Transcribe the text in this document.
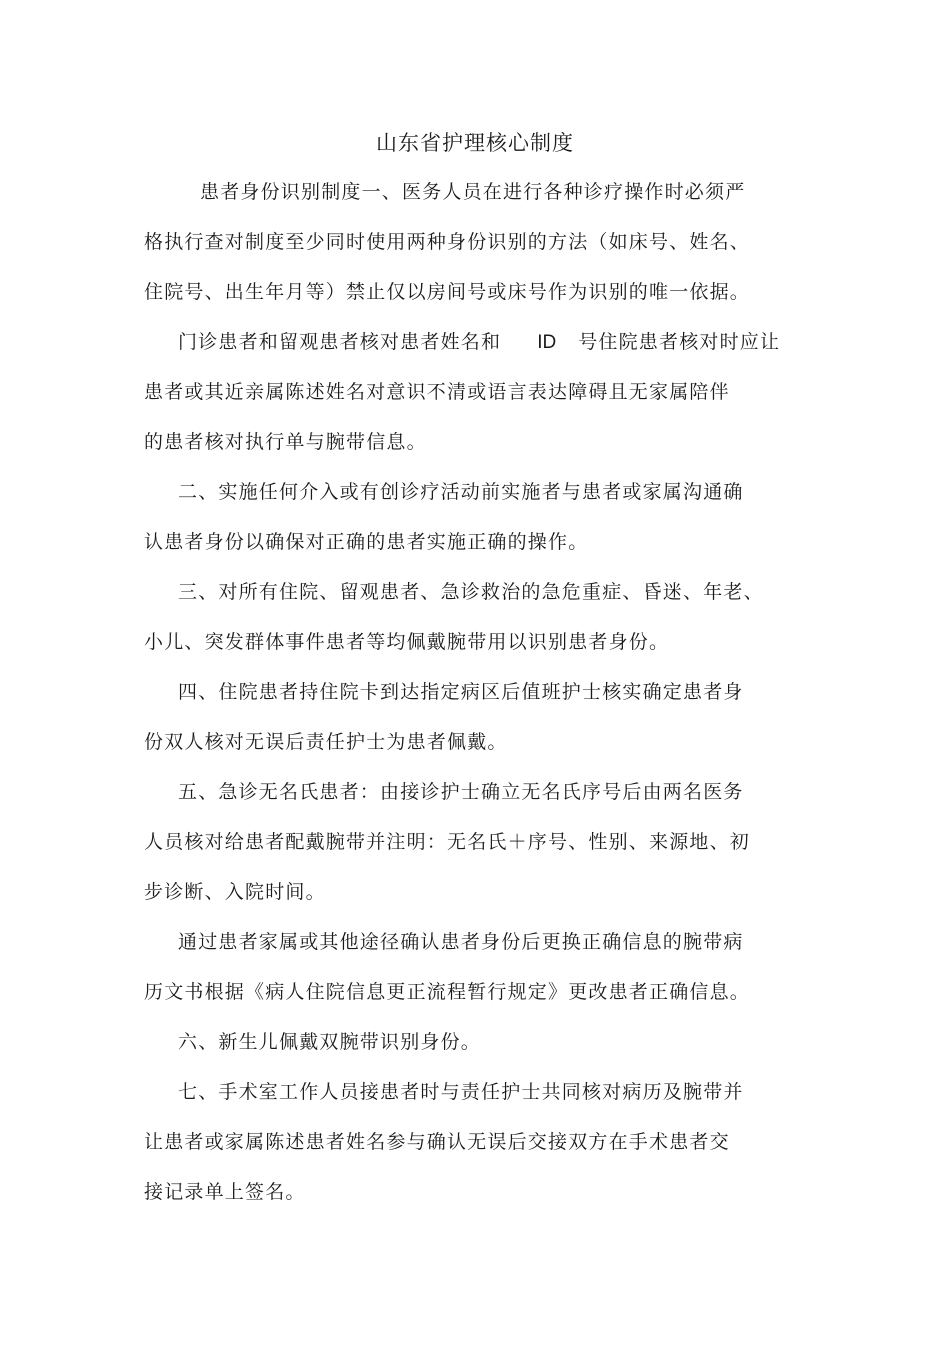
山东省护理核心制度
患者身份识别制度一、医务人员在进行各种诊疗操作时必须严
格执行查对制度至少同时使用两种身份识别的方法（如床号、姓名、
住院号、出生年月等）禁止仅以房间号或床号作为识别的唯一依据。
门诊患者和留观患者核对患者姓名和 ID 号住院患者核对时应让
患者或其近亲属陈述姓名对意识不清或语言表达障碍且无家属陪伴
的患者核对执行单与腕带信息。
二、实施任何介入或有创诊疗活动前实施者与患者或家属沟通确
认患者身份以确保对正确的患者实施正确的操作。
三、对所有住院、留观患者、急诊救治的急危重症、昏迷、年老、
小儿、突发群体事件患者等均佩戴腕带用以识别患者身份。
四、住院患者持住院卡到达指定病区后值班护士核实确定患者身
份双人核对无误后责任护士为患者佩戴。
五、急诊无名氏患者：由接诊护士确立无名氏序号后由两名医务
人员核对给患者配戴腕带并注明：无名氏＋序号、性别、来源地、初
步诊断、入院时间。
通过患者家属或其他途径确认患者身份后更换正确信息的腕带病
历文书根据《病人住院信息更正流程暂行规定》更改患者正确信息。
六、新生儿佩戴双腕带识别身份。
七、手术室工作人员接患者时与责任护士共同核对病历及腕带并
让患者或家属陈述患者姓名参与确认无误后交接双方在手术患者交
接记录单上签名。
